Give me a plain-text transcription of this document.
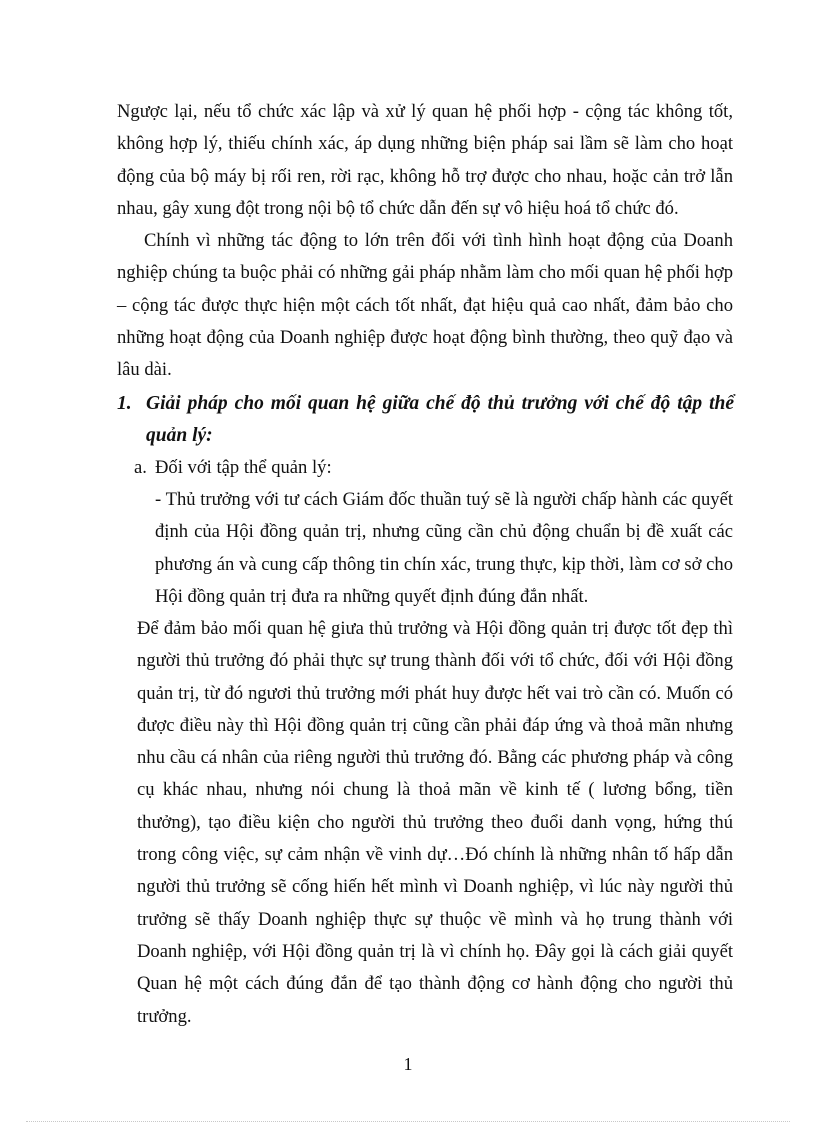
Ngược lại, nếu tổ chức xác lập và xử lý quan hệ phối hợp - cộng tác không tốt, không hợp lý, thiếu chính xác, áp dụng những biện pháp sai lầm sẽ làm cho hoạt động của bộ máy bị rối ren, rời rạc, không hỗ trợ được cho nhau, hoặc cản trở lẫn nhau, gây xung đột trong nội bộ tổ chức dẫn đến sự vô hiệu hoá tổ chức đó.

Chính vì những tác động to lớn trên đối với tình hình hoạt động của Doanh nghiệp chúng ta buộc phải có những gải pháp nhằm làm cho mối quan hệ phối hợp – cộng tác được thực hiện một cách tốt nhất, đạt hiệu quả cao nhất, đảm bảo cho những hoạt động của Doanh nghiệp được hoạt động bình thường, theo quỹ đạo và lâu dài.

1. Giải pháp cho mối quan hệ giữa chế độ thủ trưởng với chế độ tập thể quản lý:

a. Đối với tập thể quản lý:

- Thủ trưởng với tư cách Giám đốc thuần tuý sẽ là người chấp hành các quyết định của Hội đồng quản trị, nhưng cũng cần chủ động chuẩn bị đề xuất các phương án và cung cấp thông tin chín xác, trung thực, kịp thời, làm cơ sở cho Hội đồng quản trị đưa ra những quyết định đúng đắn nhất.

Để đảm bảo mối quan hệ giưa thủ trưởng và Hội đồng quản trị được tốt đẹp thì người thủ trưởng đó phải thực sự trung thành đối với tổ chức, đối với Hội đồng quản trị, từ đó ngươi thủ trưởng mới phát huy được hết vai trò cần có. Muốn có được điều này thì Hội đồng quản trị cũng cần phải đáp ứng và thoả mãn nhưng nhu cầu cá nhân của riêng người thủ trưởng đó. Bằng các phương pháp và công cụ khác nhau, nhưng nói chung là thoả mãn về kinh tế ( lương bổng, tiền thưởng), tạo điều kiện cho người thủ trưởng theo đuổi danh vọng, hứng thú trong công việc, sự cảm nhận về vinh dự…Đó chính là những nhân tố hấp dẫn người thủ trưởng sẽ cống hiến hết mình vì Doanh nghiệp, vì lúc này người thủ trưởng sẽ thấy Doanh nghiệp thực sự thuộc về mình và họ trung thành với Doanh nghiệp, với Hội đồng quản trị là vì chính họ. Đây gọi là cách giải quyết Quan hệ một cách đúng đắn để tạo thành động cơ hành động cho người thủ trưởng.

1
